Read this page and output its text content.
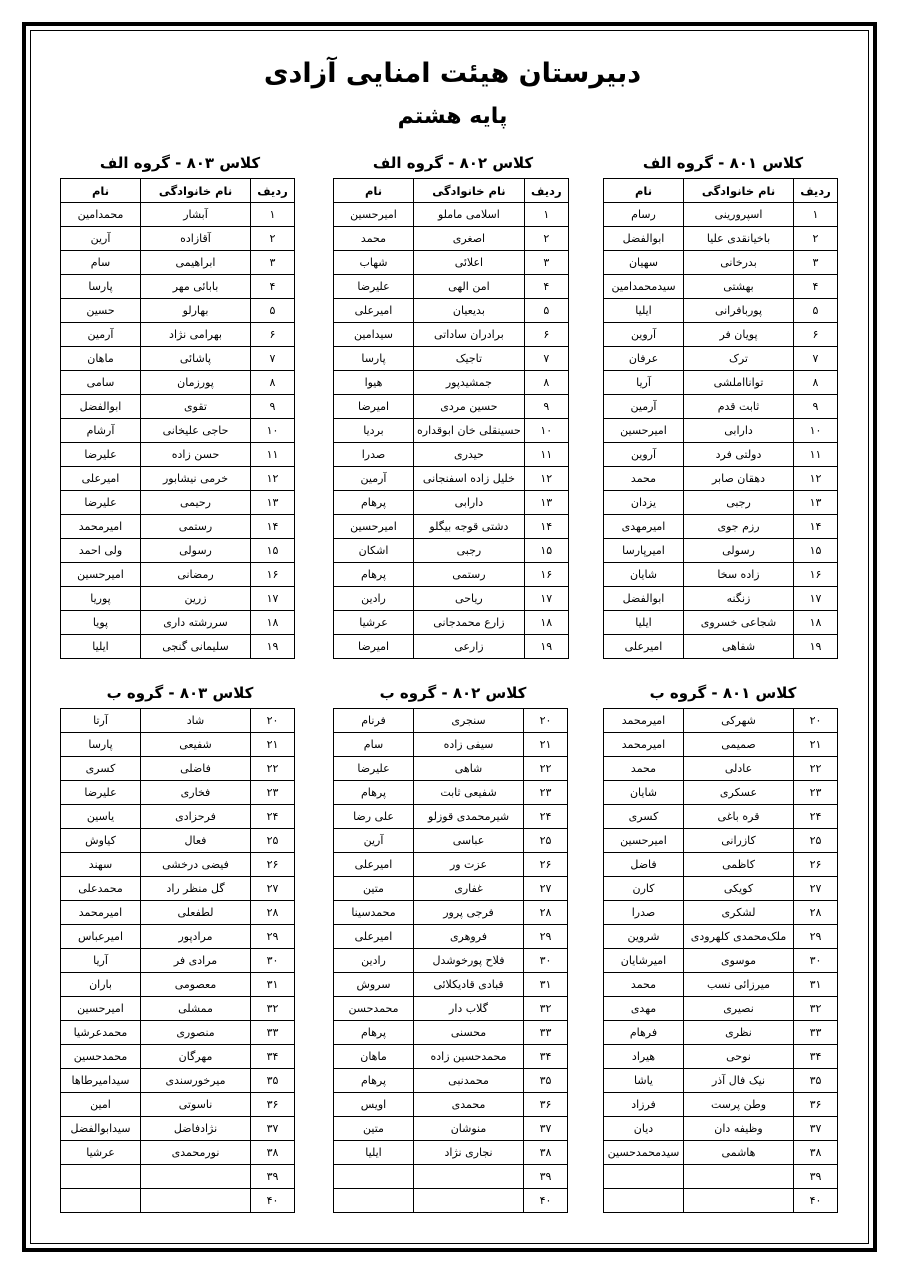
دبیرستان هیئت امنایی آزادی
پایه هشتم
کلاس ۸۰۱ - گروه الف
کلاس ۸۰۲ - گروه الف
کلاس ۸۰۳ - گروه الف
ردیف	نام خانوادگی	نام
۱	اسپرورینی	رسام
۲	باخیانقدی علیا	ابوالفضل
۳	بدرخانی	سهیان
۴	بهشتی	سیدمحمدامین
۵	پوربافرانی	ایلیا
۶	پویان فر	آروین
۷	ترک	عرفان
۸	توانااملشی	آریا
۹	ثابت قدم	آرمین
۱۰	دارابی	امیرحسین
۱۱	دولتی فرد	آروین
۱۲	دهقان صابر	محمد
۱۳	رجبی	یزدان
۱۴	رزم جوی	امیرمهدی
۱۵	رسولی	امیرپارسا
۱۶	زاده سخا	شایان
۱۷	زنگنه	ابوالفضل
۱۸	شجاعی خسروی	ایلیا
۱۹	شفاهی	امیرعلی
ردیف	نام خانوادگی	نام
۱	اسلامی ماملو	امیرحسین
۲	اصغری	محمد
۳	اعلائی	شهاب
۴	امن الهی	علیرضا
۵	بدیعیان	امیرعلی
۶	برادران ساداتی	سیدامین
۷	تاجیک	پارسا
۸	جمشیدپور	هیوا
۹	حسین مردی	امیرضا
۱۰	حسینقلی خان ابوقداره	بردیا
۱۱	حیدری	صدرا
۱۲	خلیل زاده اسفنجانی	آرمین
۱۳	دارابی	پرهام
۱۴	دشتی قوجه بیگلو	امیرحسین
۱۵	رجبی	اشکان
۱۶	رستمی	پرهام
۱۷	ریاحی	رادین
۱۸	زارع محمدجانی	عرشیا
۱۹	زارعی	امیرضا
ردیف	نام خانوادگی	نام
۱	آبشار	محمدامین
۲	آقازاده	آرین
۳	ابراهیمی	سام
۴	بابائی مهر	پارسا
۵	بهارلو	حسین
۶	بهرامی نژاد	آرمین
۷	پاشائی	ماهان
۸	پورزمان	سامی
۹	تقوی	ابوالفضل
۱۰	حاجی علیخانی	آرشام
۱۱	حسن زاده	علیرضا
۱۲	خرمی نیشابور	امیرعلی
۱۳	رحیمی	علیرضا
۱۴	رستمی	امیرمحمد
۱۵	رسولی	ولی احمد
۱۶	رمضانی	امیرحسین
۱۷	زرین	پوریا
۱۸	سررشته داری	پویا
۱۹	سلیمانی گنجی	ایلیا
کلاس ۸۰۱ - گروه ب
کلاس ۸۰۲ - گروه ب
کلاس ۸۰۳ - گروه ب
۲۰	شهرکی	امیرمحمد
۲۱	صمیمی	امیرمحمد
۲۲	عادلی	محمد
۲۳	عسکری	شایان
۲۴	قره باغی	کسری
۲۵	کازرانی	امیرحسین
۲۶	کاظمی	فاضل
۲۷	کویکی	کارن
۲۸	لشکری	صدرا
۲۹	ملک‌محمدی کلهرودی	شروین
۳۰	موسوی	امیرشایان
۳۱	میرزائی نسب	محمد
۳۲	نصیری	مهدی
۳۳	نظری	فرهام
۳۴	نوحی	هیراد
۳۵	نیک فال آذر	یاشا
۳۶	وطن پرست	فرزاد
۳۷	وظیفه دان	دیان
۳۸	هاشمی	سیدمحمدحسین
۳۹		
۴۰		
۲۰	سنجری	فرنام
۲۱	سیفی زاده	سام
۲۲	شاهی	علیرضا
۲۳	شفیعی ثابت	پرهام
۲۴	شیرمحمدی قوزلو	علی رضا
۲۵	عباسی	آرین
۲۶	عزت ور	امیرعلی
۲۷	غفاری	متین
۲۸	فرجی پرور	محمدسینا
۲۹	فروهری	امیرعلی
۳۰	فلاح پورخوشدل	رادین
۳۱	قبادی قادیکلائی	سروش
۳۲	گلاب دار	محمدحسن
۳۳	محسنی	پرهام
۳۴	محمدحسین زاده	ماهان
۳۵	محمدنبی	پرهام
۳۶	محمدی	اویس
۳۷	منوشان	متین
۳۸	نجاری نژاد	ایلیا
۳۹		
۴۰		
۲۰	شاد	آرتا
۲۱	شفیعی	پارسا
۲۲	فاضلی	کسری
۲۳	فخاری	علیرضا
۲۴	فرحزادی	یاسین
۲۵	فعال	کیاوش
۲۶	فیضی درخشی	سهند
۲۷	گل منظر راد	محمدعلی
۲۸	لطفعلی	امیرمحمد
۲۹	مرادپور	امیرعباس
۳۰	مرادی فر	آریا
۳۱	معصومی	باران
۳۲	ممشلی	امیرحسین
۳۳	منصوری	محمدعرشیا
۳۴	مهرگان	محمدحسین
۳۵	میرخورسندی	سیدامیرطاها
۳۶	ناسوتی	امین
۳۷	نژادفاضل	سیدابوالفضل
۳۸	نورمحمدی	عرشیا
۳۹		
۴۰		
